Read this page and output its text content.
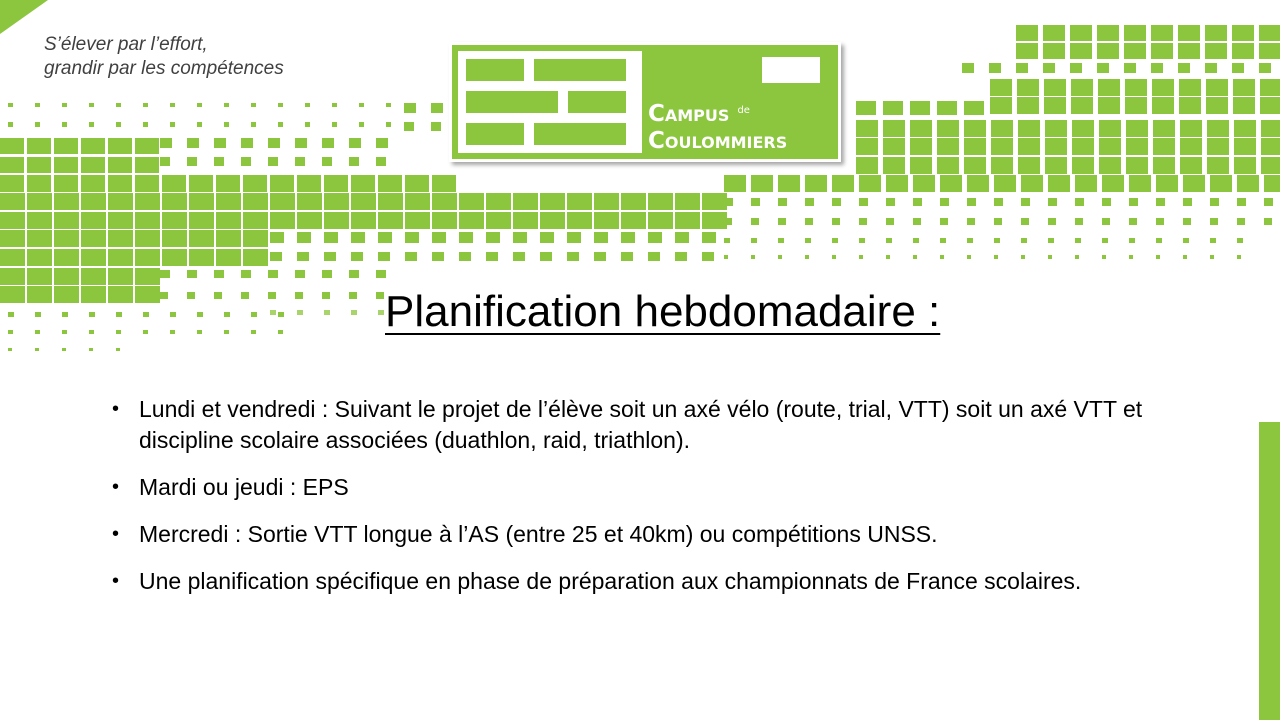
S’élever par l’effort,
grandir par les compétences
Campus $^{de}$
Coulommiers
Planification hebdomadaire :
• Lundi et vendredi : Suivant le projet de l’élève soit un axé vélo (route, trial, VTT) soit un axé VTT et discipline scolaire associées (duathlon, raid, triathlon).
• Mardi ou jeudi : EPS
• Mercredi : Sortie VTT longue à l’AS (entre 25 et 40km) ou compétitions UNSS.
• Une planification spécifique en phase de préparation aux championnats de France scolaires.
